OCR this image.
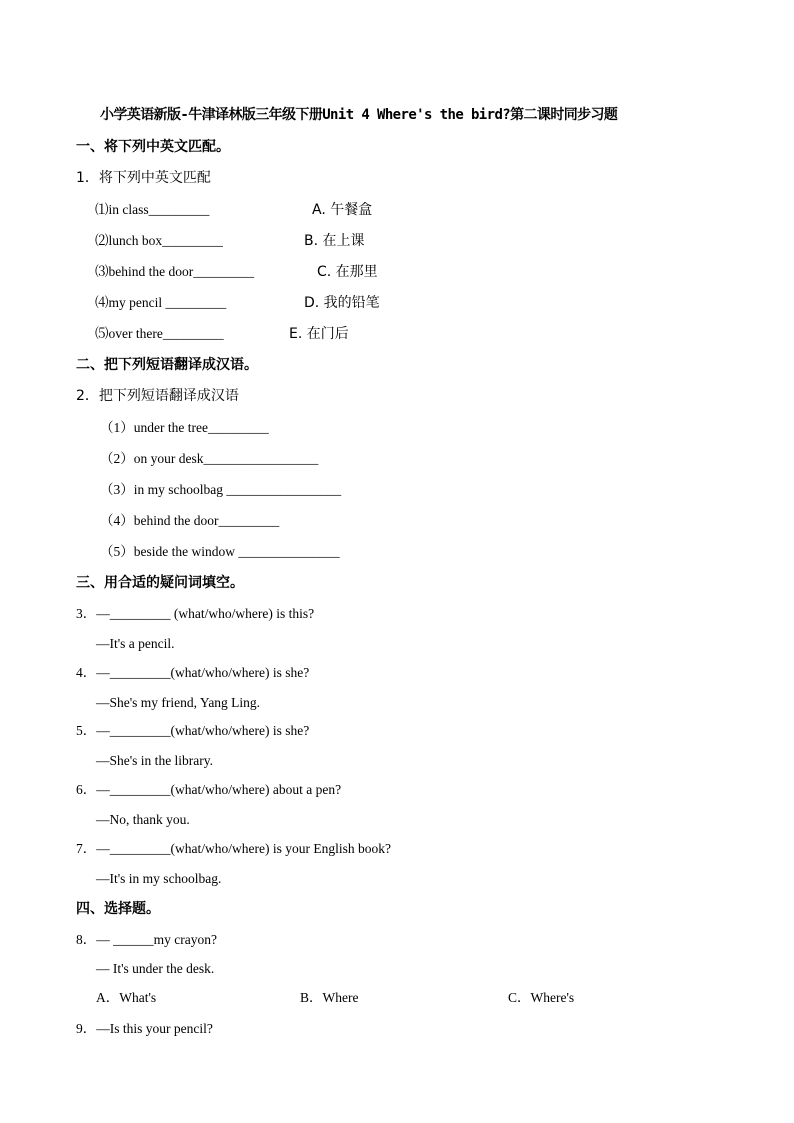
小学英语新版-牛津译林版三年级下册Unit 4 Where's the bird?第二课时同步习题
一、将下列中英文匹配。
1．将下列中英文匹配
⑴in class_________	A. 午餐盒
⑵lunch box_________	B. 在上课
⑶behind the door_________	C. 在那里
⑷my pencil _________	D. 我的铅笔
⑸over there_________	E. 在门后
二、把下列短语翻译成汉语。
2．把下列短语翻译成汉语
（1）under the tree_________
（2）on your desk_________________
（3）in my schoolbag _________________
（4）behind the door_________
（5）beside the window _______________
三、用合适的疑问词填空。
3．—_________ (what/who/where) is this?
—It's a pencil.
4．—_________(what/who/where) is she?
—She's my friend, Yang Ling.
5．—_________(what/who/where) is she?
—She's in the library.
6．—_________(what/who/where) about a pen?
—No, thank you.
7．—_________(what/who/where) is your English book?
—It's in my schoolbag.
四、选择题。
8．— ______my crayon?
— It's under the desk.
A．What's	B．Where	C．Where's
9．—Is this your pencil?
